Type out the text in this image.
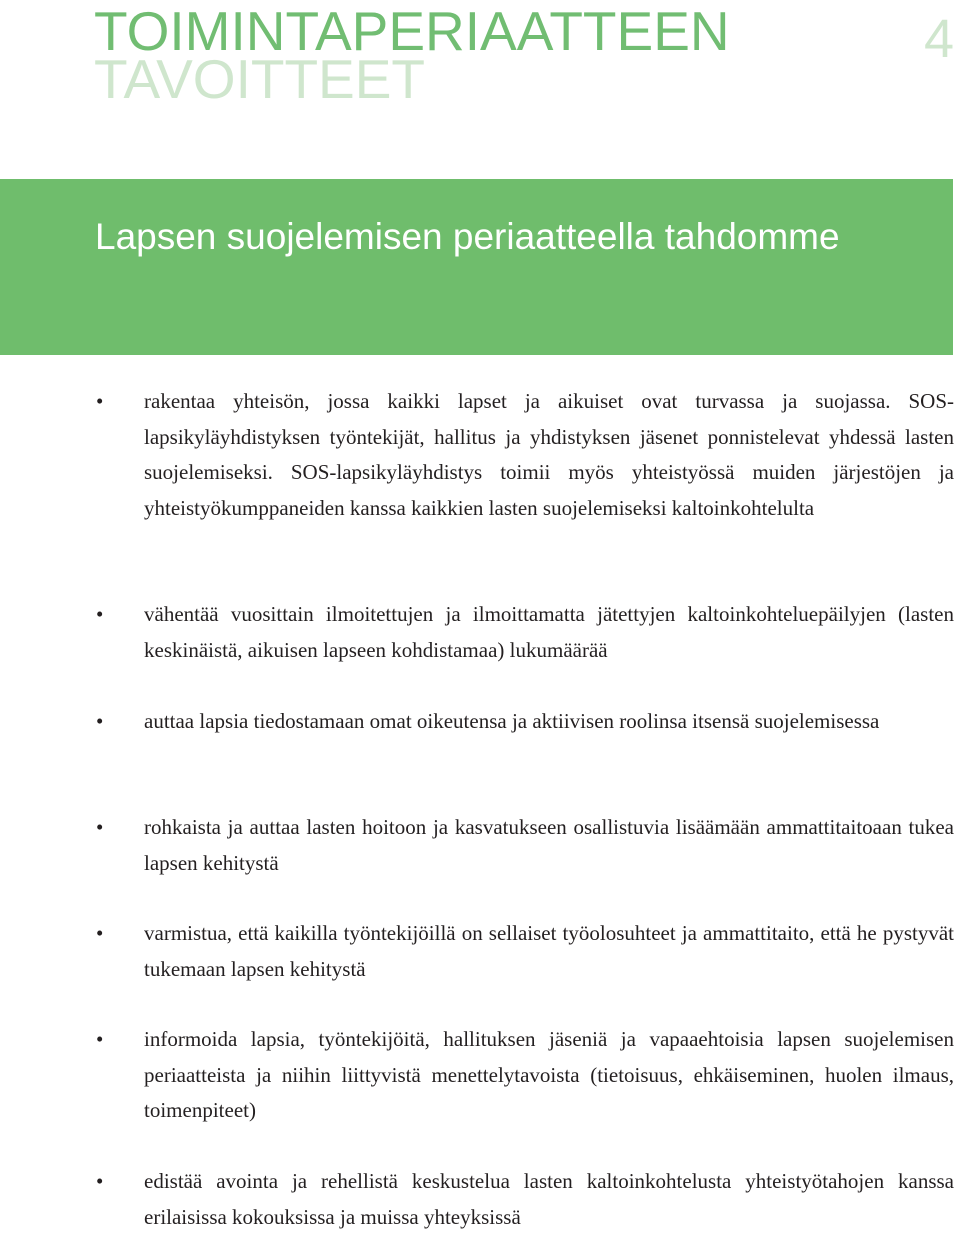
TOIMINTAPERIAATTEEN
TAVOITTEET
4
Lapsen suojelemisen periaatteella tahdomme
• rakentaa yhteisön, jossa kaikki lapset ja aikuiset ovat turvassa ja suojassa. SOS-lapsikyläyhdistyksen työntekijät, hallitus ja yhdistyksen jäsenet ponnistelevat yhdessä lasten suojelemiseksi. SOS-lapsikyläyhdistys toimii myös yhteistyössä muiden järjestöjen ja yhteistyökumppaneiden kanssa kaikkien lasten suojelemiseksi kaltoinkohtelulta

• vähentää vuosittain ilmoitettujen ja ilmoittamatta jätettyjen kaltoinkohteluepäilyjen (lasten keskinäistä, aikuisen lapseen kohdistamaa) lukumäärää

• auttaa lapsia tiedostamaan omat oikeutensa ja aktiivisen roolinsa itsensä suojelemisessa

• rohkaista ja auttaa lasten hoitoon ja kasvatukseen osallistuvia lisäämään ammattitaitoaan tukea lapsen kehitystä

• varmistua, että kaikilla työntekijöillä on sellaiset työolosuhteet ja ammattitaito, että he pystyvät tukemaan lapsen kehitystä

• informoida lapsia, työntekijöitä, hallituksen jäseniä ja vapaaehtoisia lapsen suojelemisen periaatteista ja niihin liittyvistä menettelytavoista (tietoisuus, ehkäiseminen, huolen ilmaus, toimenpiteet)

• edistää avointa ja rehellistä keskustelua lasten kaltoinkohtelusta yhteistyötahojen kanssa erilaisissa kokouksissa ja muissa yhteyksissä
